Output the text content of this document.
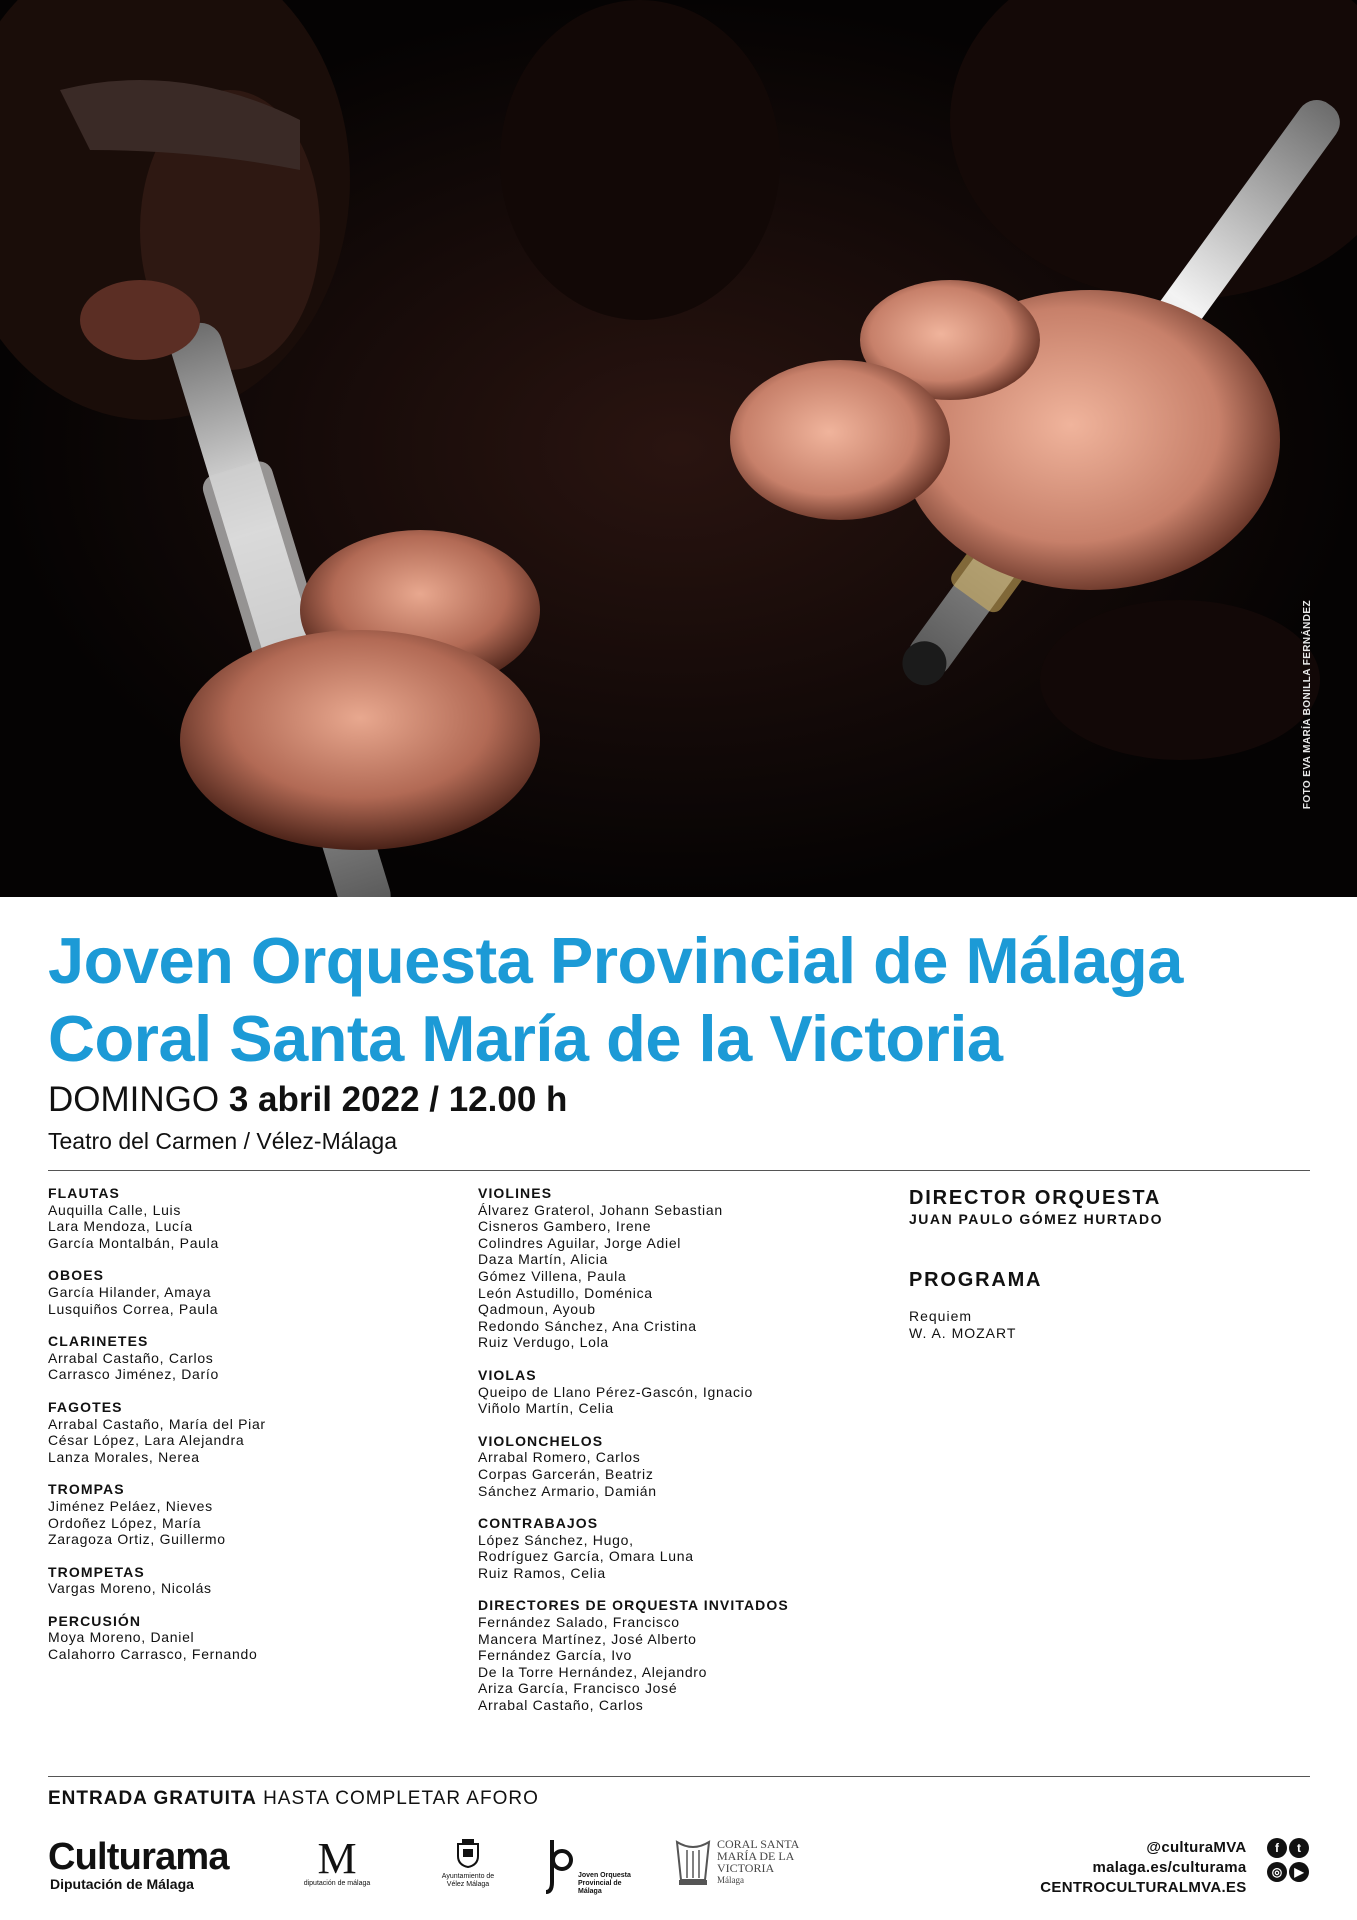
FOTO EVA MARÍA BONILLA FERNÁNDEZ
Joven Orquesta Provincial de Málaga
Coral Santa María de la Victoria
DOMINGO 3 abril 2022 / 12.00 h
Teatro del Carmen / Vélez-Málaga
FLAUTAS
Auquilla Calle, Luis
Lara Mendoza, Lucía
García Montalbán, Paula
OBOES
García Hilander, Amaya
Lusquiños Correa, Paula
CLARINETES
Arrabal Castaño, Carlos
Carrasco Jiménez, Darío
FAGOTES
Arrabal Castaño, María del Piar
César López, Lara Alejandra
Lanza Morales, Nerea
TROMPAS
Jiménez Peláez, Nieves
Ordoñez López, María
Zaragoza Ortiz, Guillermo
TROMPETAS
Vargas Moreno, Nicolás
PERCUSIÓN
Moya Moreno, Daniel
Calahorro Carrasco, Fernando
VIOLINES
Álvarez Graterol, Johann Sebastian
Cisneros Gambero, Irene
Colindres Aguilar, Jorge Adiel
Daza Martín, Alicia
Gómez Villena, Paula
León Astudillo, Doménica
Qadmoun, Ayoub
Redondo Sánchez, Ana Cristina
Ruiz Verdugo, Lola
VIOLAS
Queipo de Llano Pérez-Gascón, Ignacio
Viñolo Martín, Celia
VIOLONCHELOS
Arrabal Romero, Carlos
Corpas Garcerán, Beatriz
Sánchez Armario, Damián
CONTRABAJOS
López Sánchez, Hugo,
Rodríguez García, Omara Luna
Ruiz Ramos, Celia
DIRECTORES DE ORQUESTA INVITADOS
Fernández Salado, Francisco
Mancera Martínez, José Alberto
Fernández García, Ivo
De la Torre Hernández, Alejandro
Ariza García, Francisco José
Arrabal Castaño, Carlos
DIRECTOR ORQUESTA
JUAN PAULO GÓMEZ HURTADO
PROGRAMA
Requiem
W. A. MOZART
ENTRADA GRATUITA HASTA COMPLETAR AFORO
Culturama
Diputación de Málaga
M
diputación de málaga
Ayuntamiento de
Vélez Málaga
Joven Orquesta
Provincial de Málaga
CORAL SANTA
MARÍA DE LA
VICTORIA
Málaga
@culturaMVA
malaga.es/culturama
CENTROCULTURALMVA.ES
f t◎ ▶
